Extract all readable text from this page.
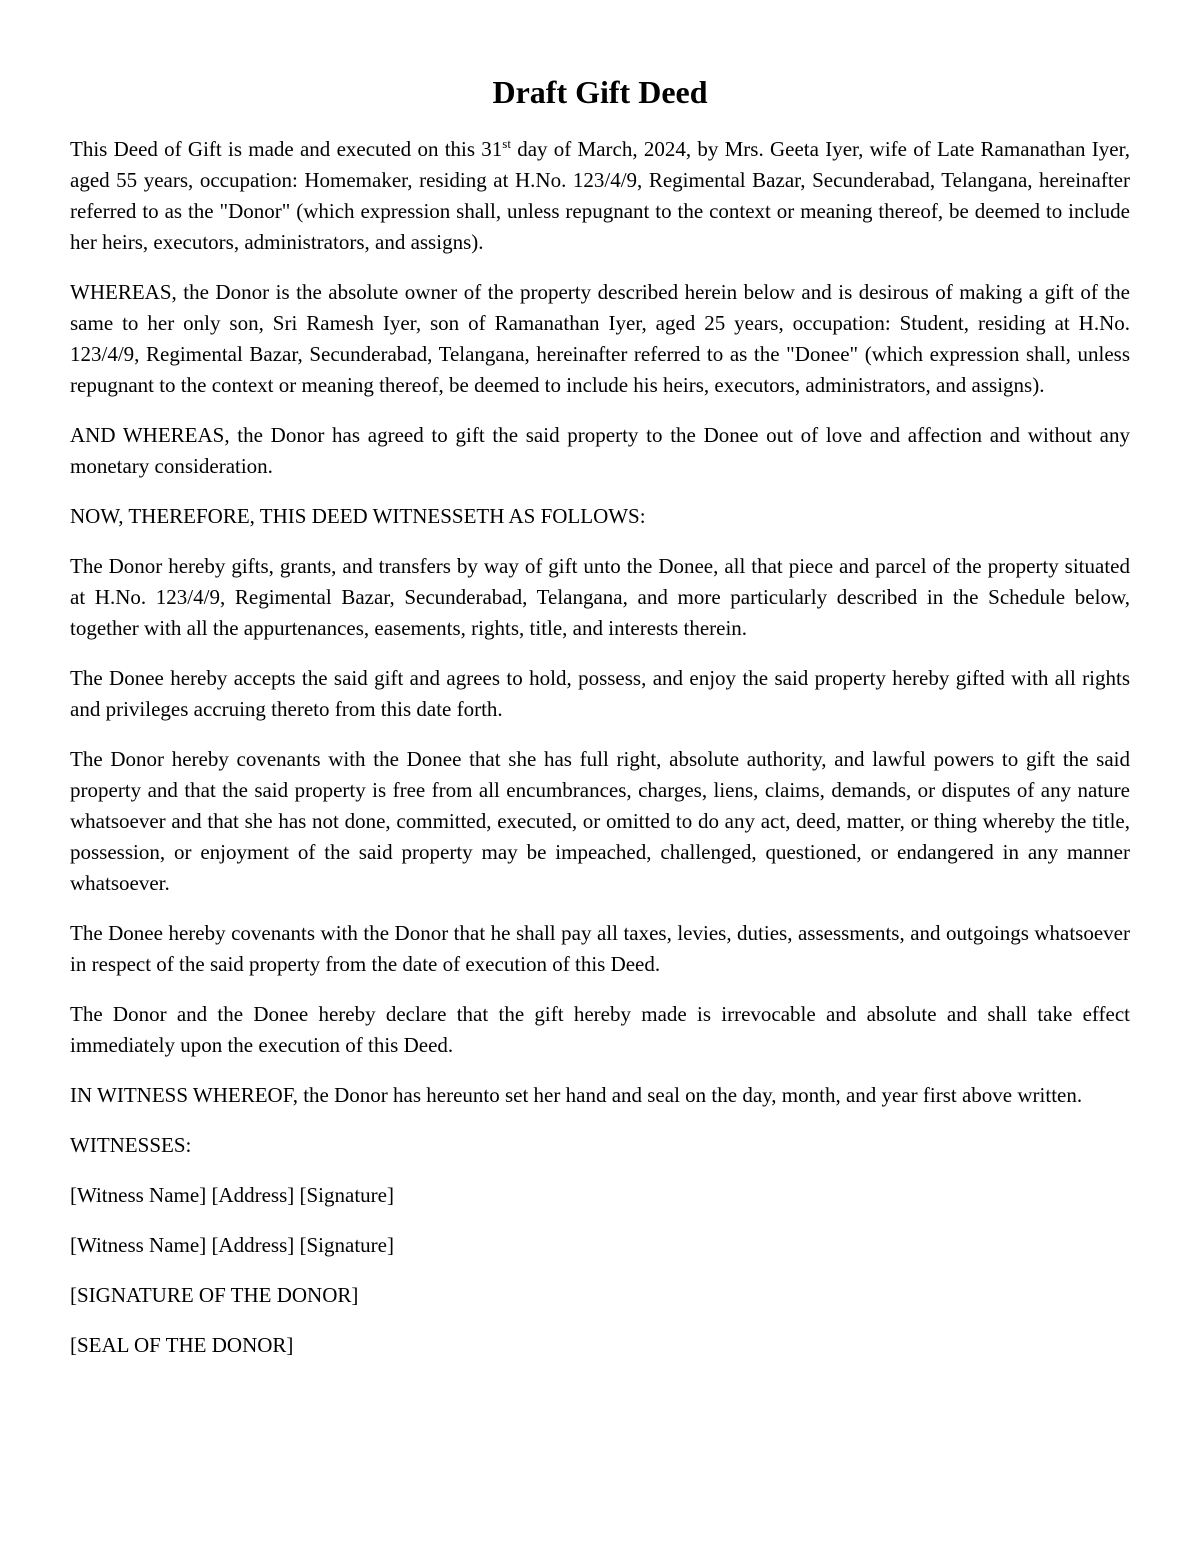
Draft Gift Deed

This Deed of Gift is made and executed on this 31st day of March, 2024, by Mrs. Geeta Iyer, wife of Late Ramanathan Iyer, aged 55 years, occupation: Homemaker, residing at H.No. 123/4/9, Regimental Bazar, Secunderabad, Telangana, hereinafter referred to as the "Donor" (which expression shall, unless repugnant to the context or meaning thereof, be deemed to include her heirs, executors, administrators, and assigns).

WHEREAS, the Donor is the absolute owner of the property described herein below and is desirous of making a gift of the same to her only son, Sri Ramesh Iyer, son of Ramanathan Iyer, aged 25 years, occupation: Student, residing at H.No. 123/4/9, Regimental Bazar, Secunderabad, Telangana, hereinafter referred to as the "Donee" (which expression shall, unless repugnant to the context or meaning thereof, be deemed to include his heirs, executors, administrators, and assigns).

AND WHEREAS, the Donor has agreed to gift the said property to the Donee out of love and affection and without any monetary consideration.

NOW, THEREFORE, THIS DEED WITNESSETH AS FOLLOWS:

The Donor hereby gifts, grants, and transfers by way of gift unto the Donee, all that piece and parcel of the property situated at H.No. 123/4/9, Regimental Bazar, Secunderabad, Telangana, and more particularly described in the Schedule below, together with all the appurtenances, easements, rights, title, and interests therein.

The Donee hereby accepts the said gift and agrees to hold, possess, and enjoy the said property hereby gifted with all rights and privileges accruing thereto from this date forth.

The Donor hereby covenants with the Donee that she has full right, absolute authority, and lawful powers to gift the said property and that the said property is free from all encumbrances, charges, liens, claims, demands, or disputes of any nature whatsoever and that she has not done, committed, executed, or omitted to do any act, deed, matter, or thing whereby the title, possession, or enjoyment of the said property may be impeached, challenged, questioned, or endangered in any manner whatsoever.

The Donee hereby covenants with the Donor that he shall pay all taxes, levies, duties, assessments, and outgoings whatsoever in respect of the said property from the date of execution of this Deed.

The Donor and the Donee hereby declare that the gift hereby made is irrevocable and absolute and shall take effect immediately upon the execution of this Deed.

IN WITNESS WHEREOF, the Donor has hereunto set her hand and seal on the day, month, and year first above written.

WITNESSES:

[Witness Name] [Address] [Signature]

[Witness Name] [Address] [Signature]

[SIGNATURE OF THE DONOR]

[SEAL OF THE DONOR]
